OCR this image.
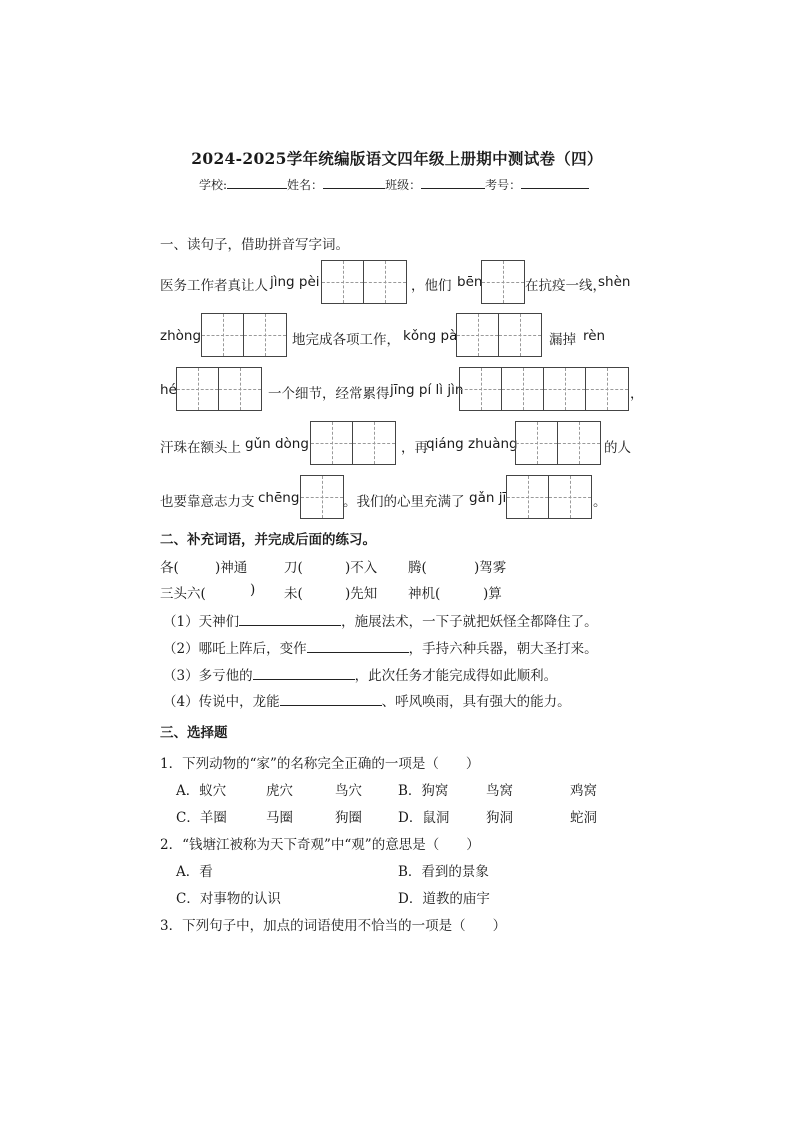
2024-2025学年统编版语文四年级上册期中测试卷（四）
学校:	姓名：	班级：	考号：
一、读句子，借助拼音写字词。
医务工作者真让人 jìng pèi	，他们 bēn	在抗疫一线，
shèn
zhòng	地完成各项工作， kǒng pà	漏掉 rèn
hé	一个细节，经常累得 jīng pí lì jìn	，
汗珠在额头上 gǔn dòng	，再
qiáng zhuàng	的人
也要靠意志力支 chēng	。我们的心里充满了 gǎn jī	。
二、补充词语，并完成后面的练习。
各(	)神通	刀(	)不入 腾(	)驾雾
三头六(	) 未(	)先知 神机(	)算
（1）天神们	，施展法术，一下子就把妖怪全都降住了。
（2）哪吒上阵后，变作	，手持六种兵器，朝大圣打来。
（3）多亏他的	，此次任务才能完成得如此顺利。
（4）传说中，龙能	、呼风唤雨，具有强大的能力。
三、选择题
1．下列动物的“家”的名称完全正确的一项是（　　）
A．蚁穴	虎穴	鸟穴	B．狗窝	鸟窝	鸡窝
C．羊圈	马圈	狗圈	D．鼠洞	狗洞	蛇洞
2．“钱塘江被称为天下奇观”中“观”的意思是（　　）
A．看	B．看到的景象
C．对事物的认识	D．道教的庙宇
3．下列句子中，加点的词语使用不恰当的一项是（　　）
